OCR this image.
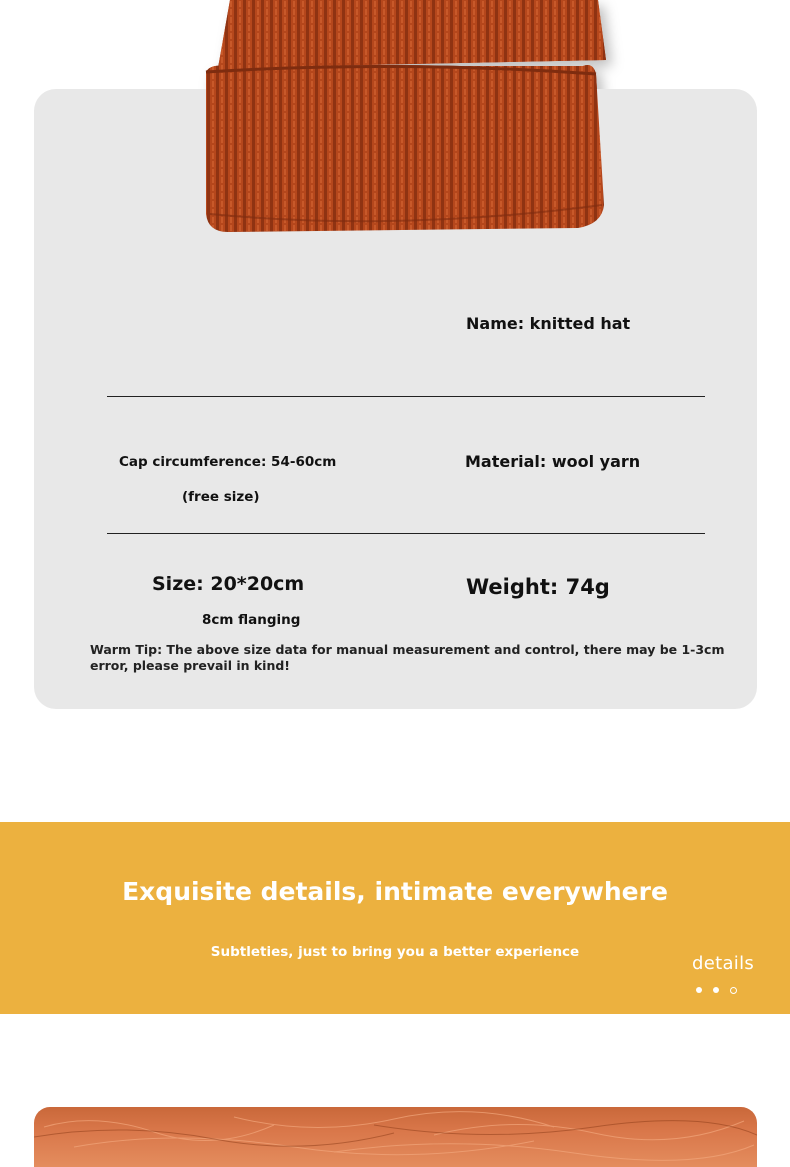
Name: knitted hat
Cap circumference: 54-60cm
(free size)
Material: wool yarn
Size: 20*20cm
8cm flanging
Weight: 74g
Warm Tip: The above size data for manual measurement and control, there may be 1-3cm error, please prevail in kind!
Exquisite details, intimate everywhere
Subtleties, just to bring you a better experience
details
